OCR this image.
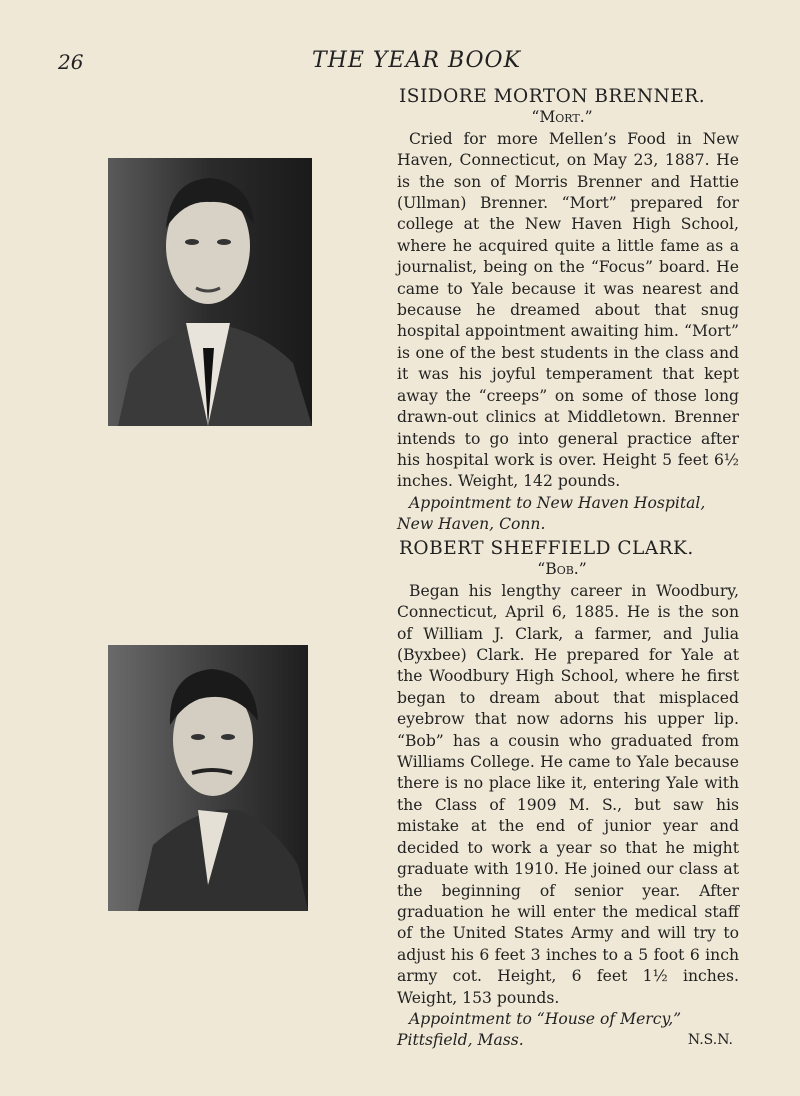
26	THE YEAR BOOK

ISIDORE MORTON BRENNER.

“Mort.”

Cried for more Mellen’s Food in New Haven, Connecticut, on May 23, 1887. He is the son of Morris Brenner and Hattie (Ullman) Brenner. “Mort” prepared for college at the New Haven High School, where he acquired quite a little fame as a journalist, being on the “Focus” board. He came to Yale because it was nearest and because he dreamed about that snug hospital appointment awaiting him. “Mort” is one of the best students in the class and it was his joyful temperament that kept away the “creeps” on some of those long drawn-out clinics at Middletown. Brenner intends to go into general practice after his hospital work is over. Height 5 feet 6½ inches. Weight, 142 pounds.

Appointment to New Haven Hospital, New Haven, Conn.

ROBERT SHEFFIELD CLARK.

“Bob.”

Began his lengthy career in Woodbury, Connecticut, April 6, 1885. He is the son of William J. Clark, a farmer, and Julia (Byxbee) Clark. He prepared for Yale at the Woodbury High School, where he first began to dream about that misplaced eyebrow that now adorns his upper lip. “Bob” has a cousin who graduated from Williams College. He came to Yale because there is no place like it, entering Yale with the Class of 1909 M. S., but saw his mistake at the end of junior year and decided to work a year so that he might graduate with 1910. He joined our class at the beginning of senior year. After graduation he will enter the medical staff of the United States Army and will try to adjust his 6 feet 3 inches to a 5 foot 6 inch army cot. Height, 6 feet 1½ inches. Weight, 153 pounds.

Appointment to “House of Mercy,”

Pittsfield, Mass.	N.S.N.
